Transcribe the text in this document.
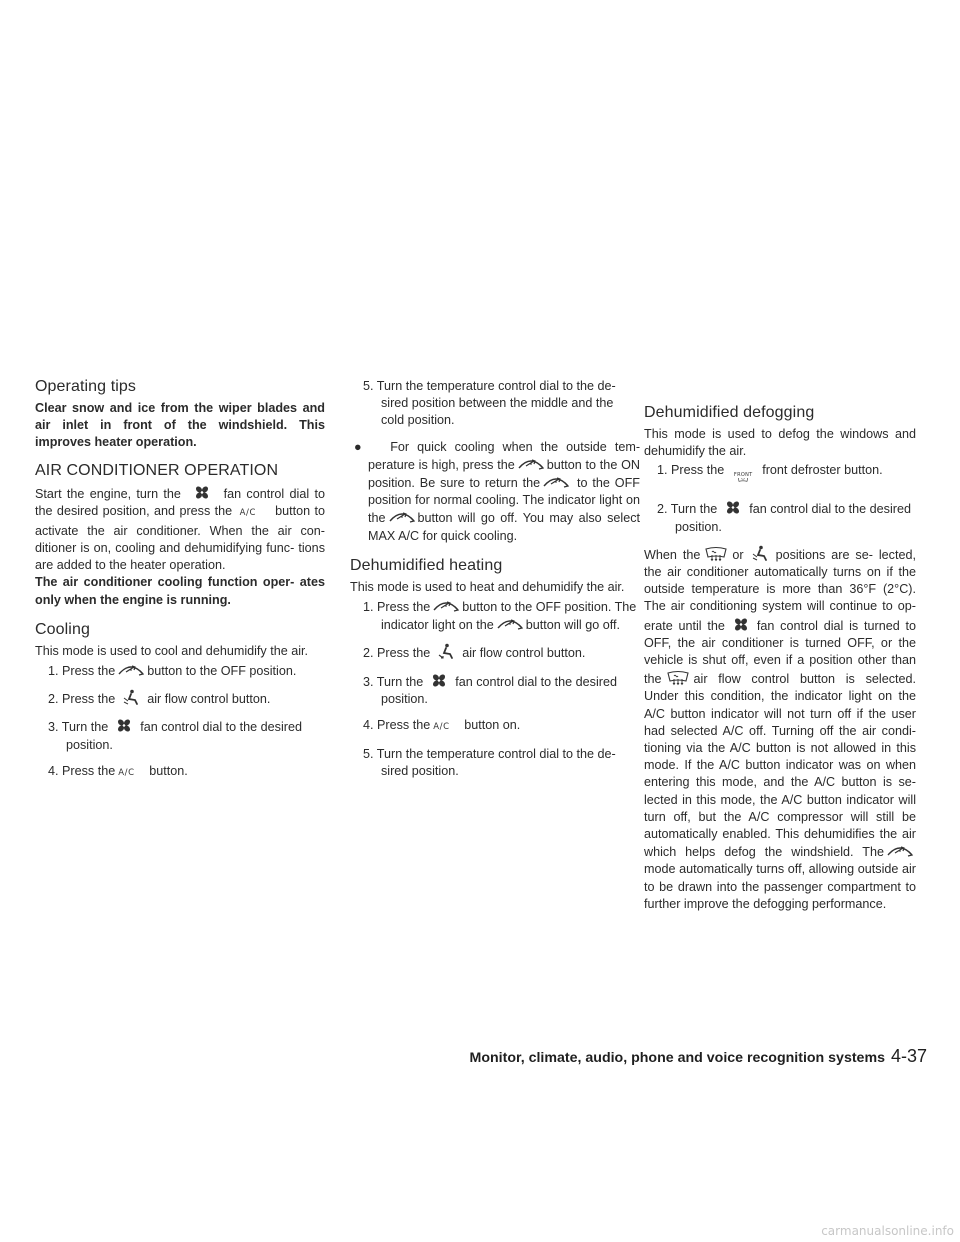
Operating tips

Clear snow and ice from the wiper blades and air inlet in front of the windshield. This improves heater operation.

AIR CONDITIONER OPERATION

Start the engine, turn the	fan control dial to the desired position, and press the A/C	button to activate the air conditioner. When the air con- ditioner is on, cooling and dehumidifying func- tions are added to the heater operation.

The air conditioner cooling function oper- ates only when the engine is running.

Cooling

This mode is used to cool and dehumidify the air.

1. Press the	button to the OFF position.
2. Press the	air flow control button.
3. Turn the	fan control dial to the desired position.
4. Press the A/C	button.
5. Turn the temperature control dial to the de- sired position between the middle and the cold position.

● For quick cooling when the outside tem- perature is high, press the	button to the ON position. Be sure to return the	to the OFF position for normal cooling. The indicator light on the	button will go off. You may also select MAX A/C for quick cooling.

Dehumidified heating

This mode is used to heat and dehumidify the air.

1. Press the	button to the OFF position. The indicator light on the	button will go off.
2. Press the	air flow control button.
3. Turn the	fan control dial to the desired position.
4. Press the A/C	button on.
5. Turn the temperature control dial to the de- sired position.
Dehumidified defogging

This mode is used to defog the windows and dehumidify the air.

1. Press the	FRONT front defroster button.
2. Turn the	fan control dial to the desired position.

When the	or	positions are se- lected, the air conditioner automatically turns on if the outside temperature is more than 36°F (2°C). The air conditioning system will continue to op- erate until the	fan control dial is turned to OFF, the air conditioner is turned OFF, or the vehicle is shut off, even if a position other than the	air flow control button is selected. Under this condition, the indicator light on the A/C button indicator will not turn off if the user had selected A/C off. Turning off the air condi- tioning via the A/C button is not allowed in this mode. If the A/C button indicator was on when entering this mode, and the A/C button is se- lected in this mode, the A/C button indicator will turn off, but the A/C compressor will still be automatically enabled. This dehumidifies the air which helps defog the windshield. The
mode automatically turns off, allowing outside air to be drawn into the passenger compartment to further improve the defogging performance.

Monitor, climate, audio, phone and voice recognition systems 4-37
carmanualsonline.info
